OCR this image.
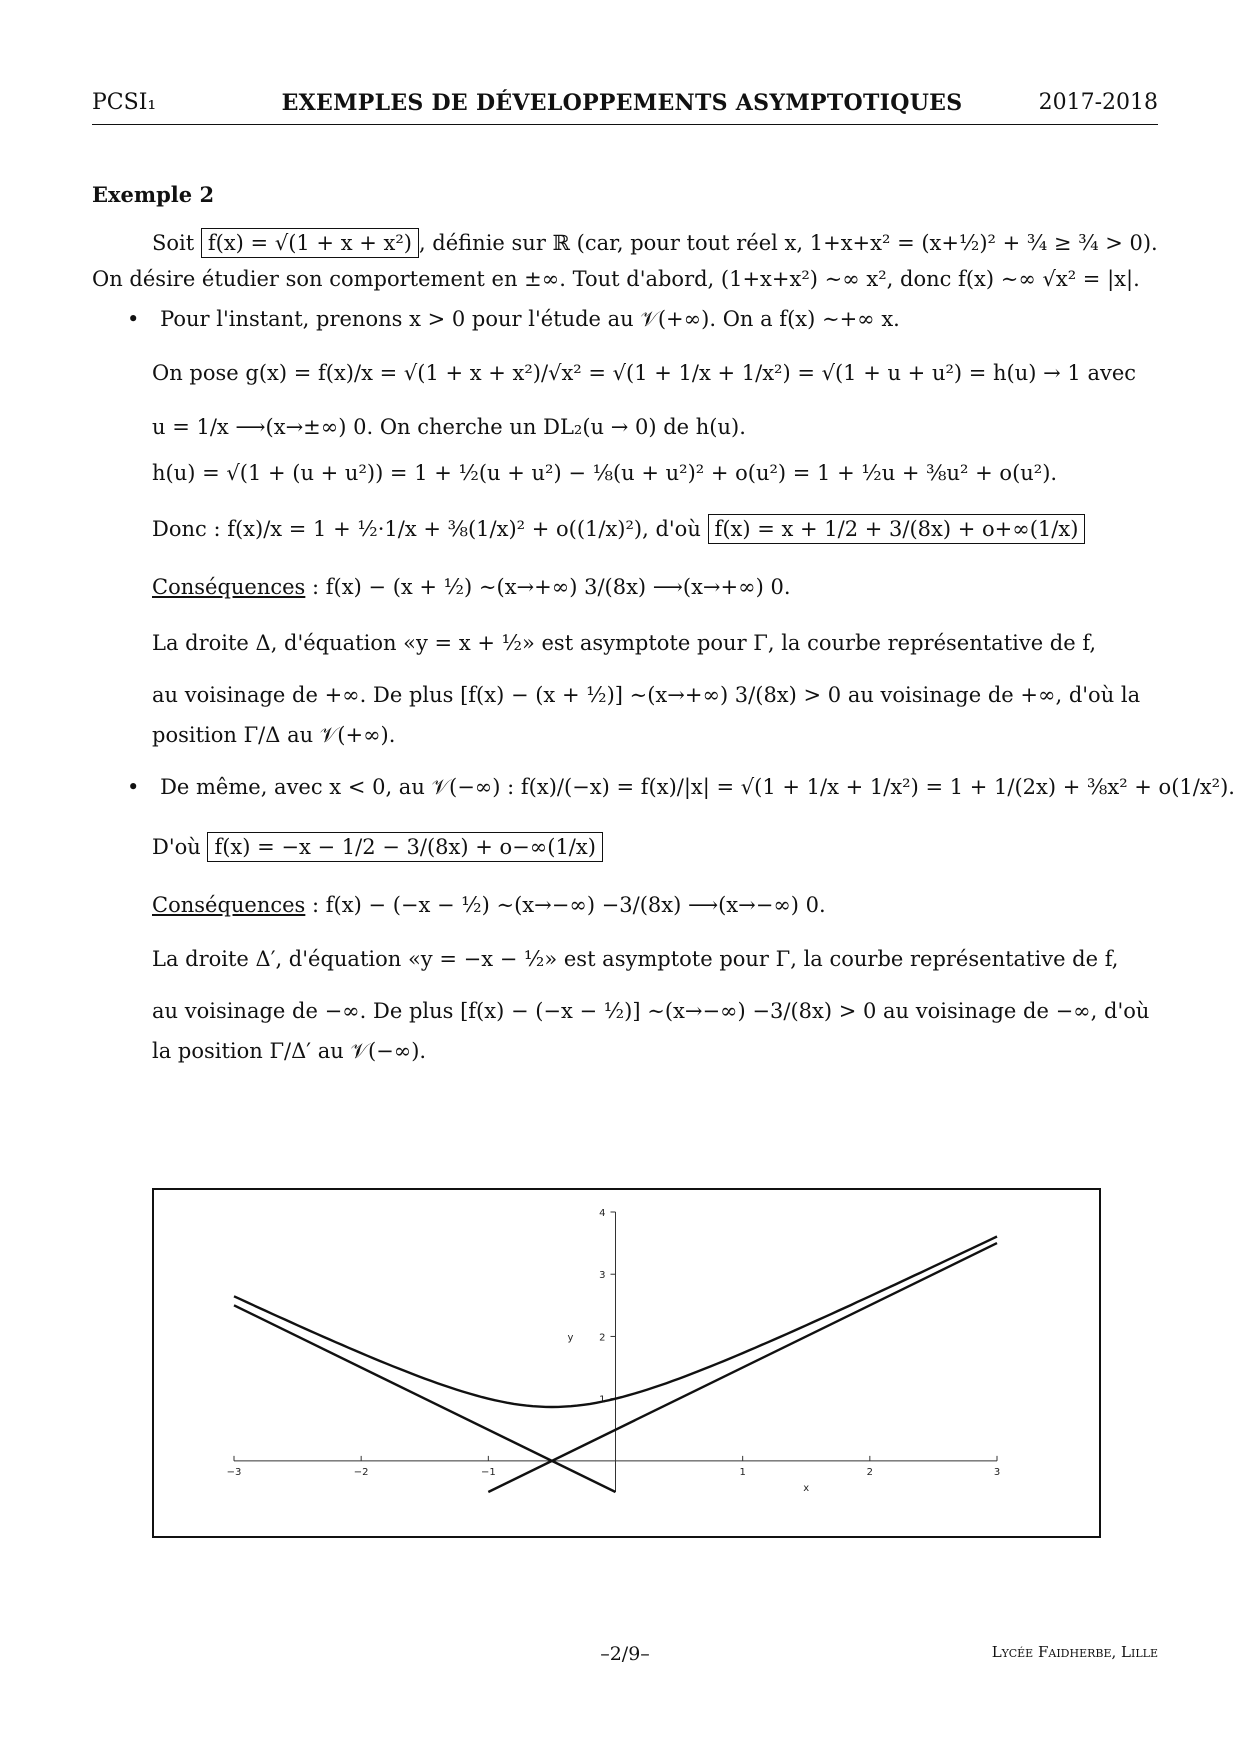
PCSI₁	EXEMPLES DE DÉVELOPPEMENTS ASYMPTOTIQUES	2017-2018
Exemple 2
Soit f(x) = √(1 + x + x²) , définie sur ℝ (car, pour tout réel x, 1+x+x² = (x+½)² + ¾ ≥ ¾ > 0).
On désire étudier son comportement en ±∞. Tout d'abord, (1+x+x²) ∼∞ x², donc f(x) ∼∞ √x² = |x|.
• Pour l'instant, prenons x > 0 pour l'étude au 𝒱(+∞). On a f(x) ∼+∞ x.
On pose g(x) = f(x)/x = √(1 + x + x²)/√x² = √(1 + 1/x + 1/x²) = √(1 + u + u²) = h(u) → 1 avec
u = 1/x ⟶(x→±∞) 0. On cherche un DL₂(u → 0) de h(u).
h(u) = √(1 + (u + u²)) = 1 + ½(u + u²) − ⅛(u + u²)² + o(u²) = 1 + ½u + ⅜u² + o(u²).
Donc : f(x)/x = 1 + ½·1/x + ⅜(1/x)² + o((1/x)²), d'où f(x) = x + 1/2 + 3/(8x) + o+∞(1/x)
Conséquences : f(x) − (x + ½) ∼(x→+∞) 3/(8x) ⟶(x→+∞) 0.
La droite Δ, d'équation «y = x + ½» est asymptote pour Γ, la courbe représentative de f,
au voisinage de +∞. De plus [f(x) − (x + ½)] ∼(x→+∞) 3/(8x) > 0 au voisinage de +∞, d'où la
position Γ/Δ au 𝒱(+∞).
• De même, avec x < 0, au 𝒱(−∞) : f(x)/(−x) = f(x)/|x| = √(1 + 1/x + 1/x²) = 1 + 1/(2x) + ⅜x² + o(1/x²).
D'où f(x) = −x − 1/2 − 3/(8x) + o−∞(1/x)
Conséquences : f(x) − (−x − ½) ∼(x→−∞) −3/(8x) ⟶(x→−∞) 0.
La droite Δ′, d'équation «y = −x − ½» est asymptote pour Γ, la courbe représentative de f,
au voisinage de −∞. De plus [f(x) − (−x − ½)] ∼(x→−∞) −3/(8x) > 0 au voisinage de −∞, d'où
la position Γ/Δ′ au 𝒱(−∞).
−3	−2	−1	1	2	3
1
2
3
4
x
y
–2/9–	Lycée Faidherbe, Lille
